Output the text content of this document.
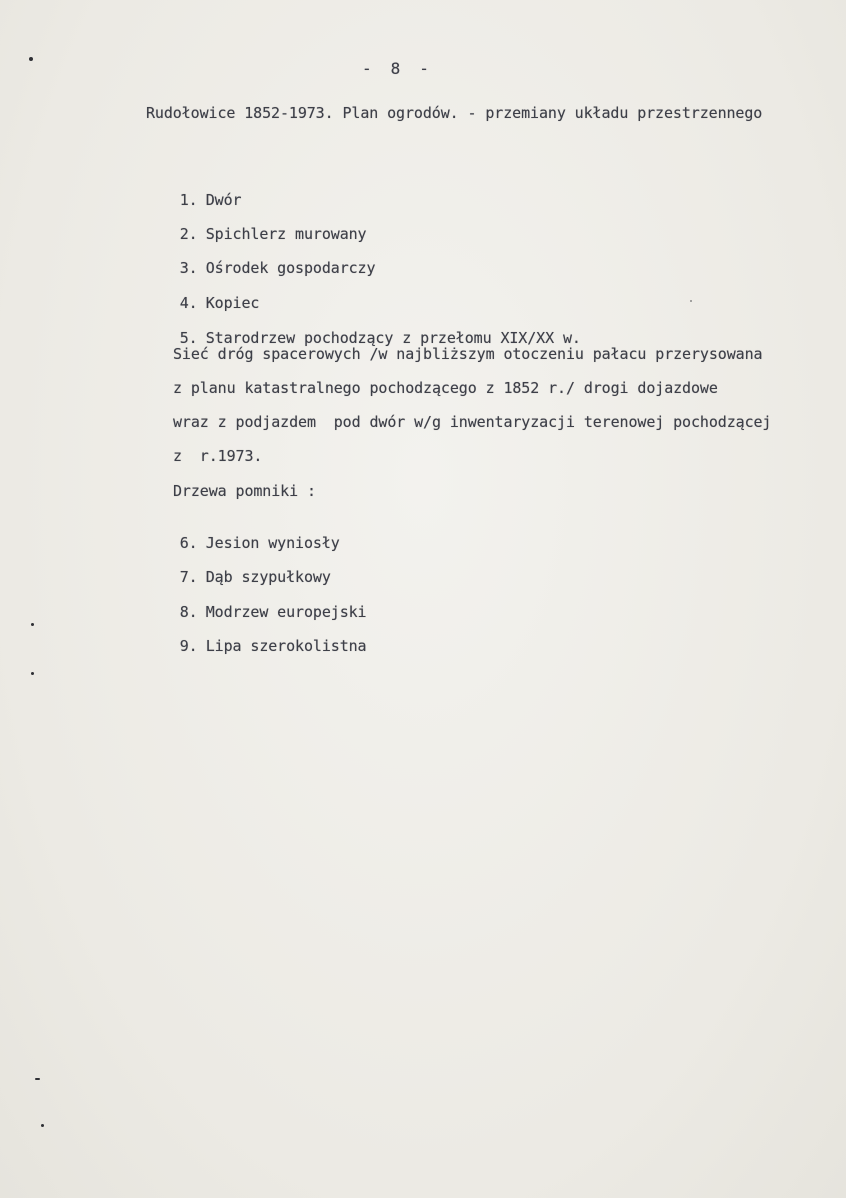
-  8  -
Rudołowice 1852-1973. Plan ogrodów. - przemiany układu przestrzennego

1. Dwór

2. Spichlerz murowany

3. Ośrodek gospodarczy

4. Kopiec

5. Starodrzew pochodzący z przełomu XIX/XX w.

Sieć dróg spacerowych /w najbliższym otoczeniu pałacu przerysowana
z planu katastralnego pochodzącego z 1852 r./ drogi dojazdowe
wraz z podjazdem  pod dwór w/g inwentaryzacji terenowej pochodzącej
z  r.1973.
Drzewa pomniki :

6. Jesion wyniosły

7. Dąb szypułkowy

8. Modrzew europejski

9. Lipa szerokolistna
